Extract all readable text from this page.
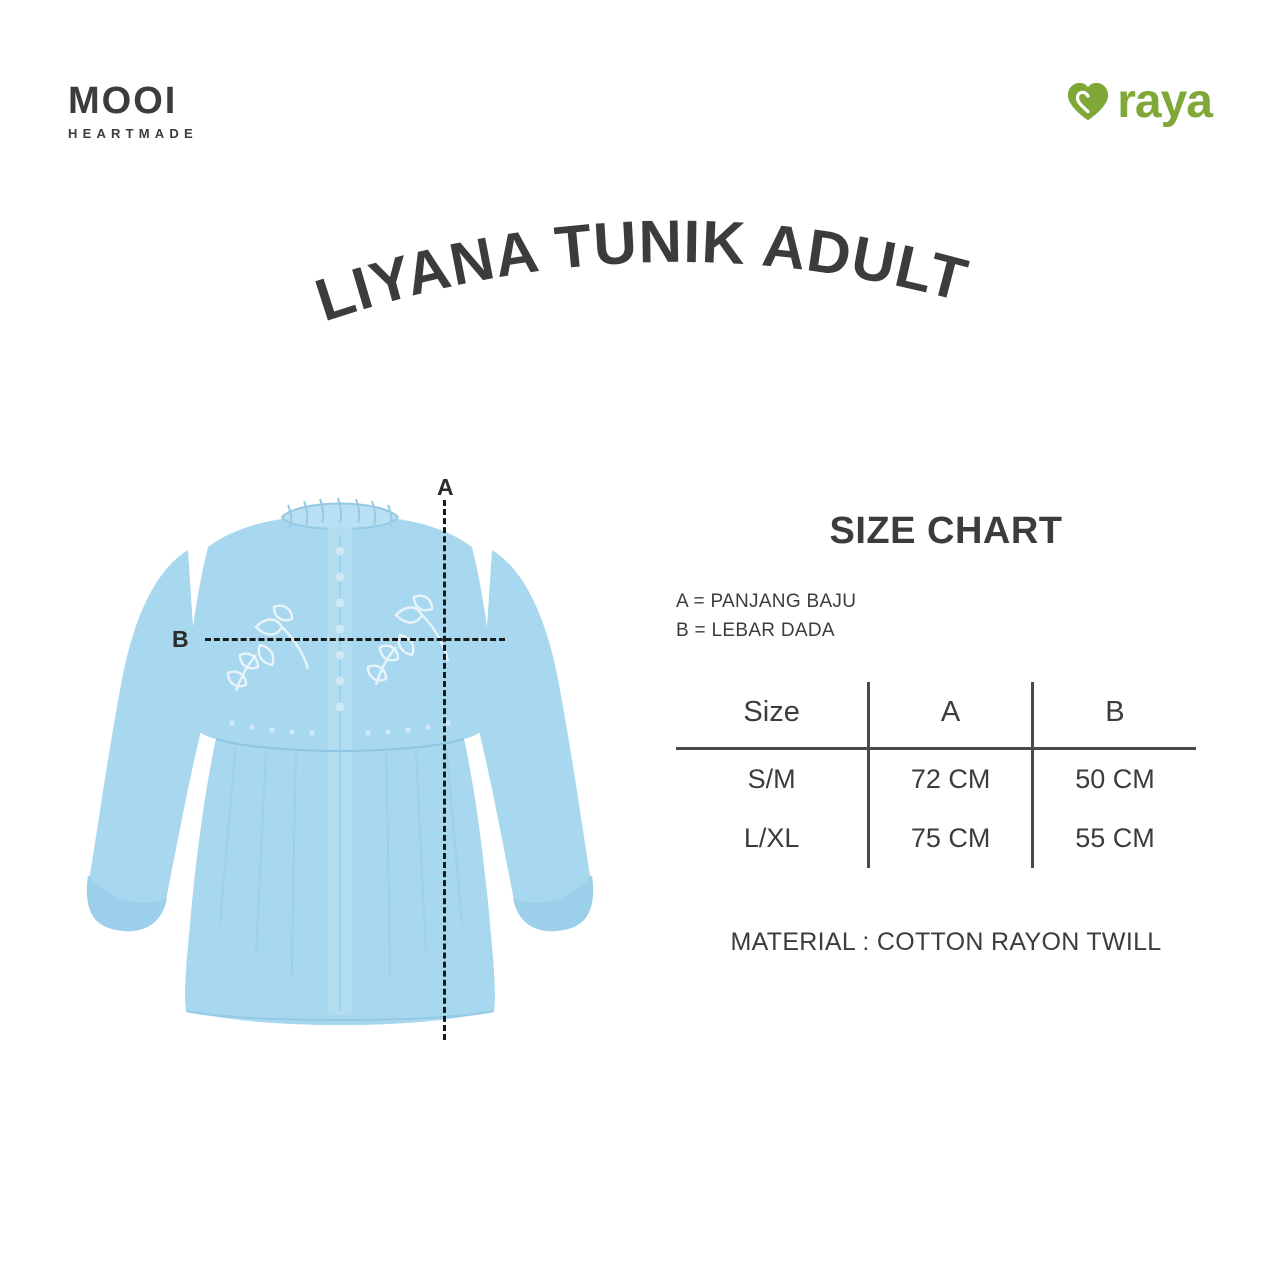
MOOI
HEARTMADE
raya
LIYANA TUNIK ADULT
A
B
SIZE CHART
A = PANJANG BAJU
B = LEBAR DADA
Size	A	B
S/M	72 CM	50 CM
L/XL	75 CM	55 CM
MATERIAL : COTTON RAYON TWILL
